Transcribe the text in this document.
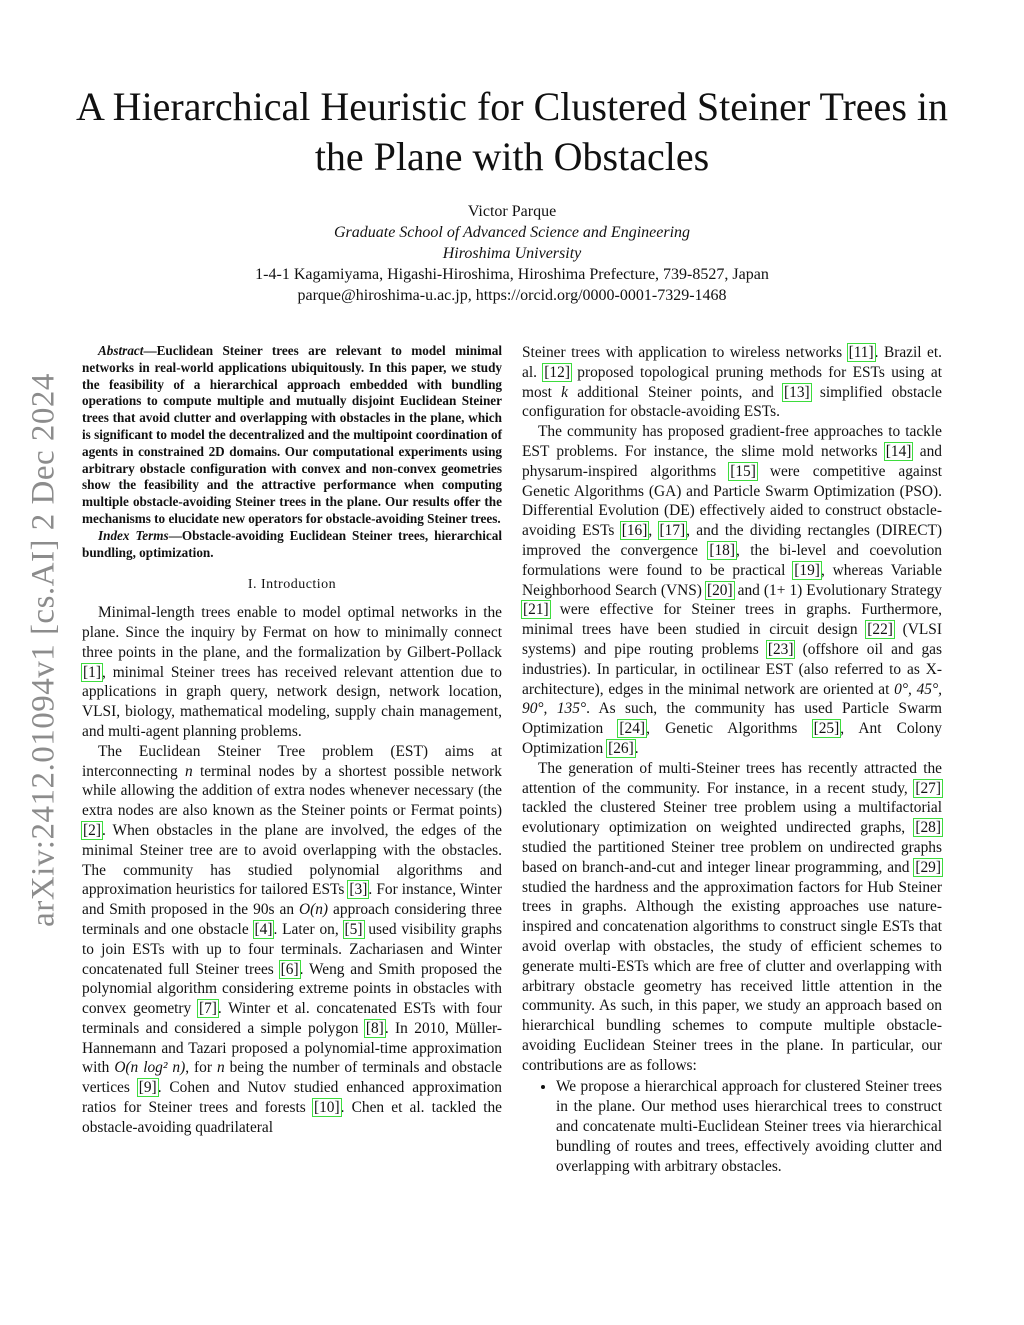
arXiv:2412.01094v1 [cs.AI] 2 Dec 2024
A Hierarchical Heuristic for Clustered Steiner Trees in the Plane with Obstacles
Victor Parque
Graduate School of Advanced Science and Engineering
Hiroshima University
1-4-1 Kagamiyama, Higashi-Hiroshima, Hiroshima Prefecture, 739-8527, Japan
parque@hiroshima-u.ac.jp, https://orcid.org/0000-0001-7329-1468

Abstract—Euclidean Steiner trees are relevant to model minimal networks in real-world applications ubiquitously. In this paper, we study the feasibility of a hierarchical approach embedded with bundling operations to compute multiple and mutually disjoint Euclidean Steiner trees that avoid clutter and overlapping with obstacles in the plane, which is significant to model the decentralized and the multipoint coordination of agents in constrained 2D domains. Our computational experiments using arbitrary obstacle configuration with convex and non-convex geometries show the feasibility and the attractive performance when computing multiple obstacle-avoiding Steiner trees in the plane. Our results offer the mechanisms to elucidate new operators for obstacle-avoiding Steiner trees.

Index Terms—Obstacle-avoiding Euclidean Steiner trees, hierarchical bundling, optimization.

I. Introduction

Minimal-length trees enable to model optimal networks in the plane. Since the inquiry by Fermat on how to minimally connect three points in the plane, and the formalization by Gilbert-Pollack [1], minimal Steiner trees has received relevant attention due to applications in graph query, network design, network location, VLSI, biology, mathematical modeling, supply chain management, and multi-agent planning problems.

The Euclidean Steiner Tree problem (EST) aims at interconnecting n terminal nodes by a shortest possible network while allowing the addition of extra nodes whenever necessary (the extra nodes are also known as the Steiner points or Fermat points) [2]. When obstacles in the plane are involved, the edges of the minimal Steiner tree are to avoid overlapping with the obstacles. The community has studied polynomial algorithms and approximation heuristics for tailored ESTs [3]. For instance, Winter and Smith proposed in the 90s an O(n) approach considering three terminals and one obstacle [4]. Later on, [5] used visibility graphs to join ESTs with up to four terminals. Zachariasen and Winter concatenated full Steiner trees [6]. Weng and Smith proposed the polynomial algorithm considering extreme points in obstacles with convex geometry [7]. Winter et al. concatenated ESTs with four terminals and considered a simple polygon [8]. In 2010, Müller-Hannemann and Tazari proposed a polynomial-time approximation with O(n log² n), for n being the number of terminals and obstacle vertices [9]. Cohen and Nutov studied enhanced approximation ratios for Steiner trees and forests [10]. Chen et al. tackled the obstacle-avoiding quadrilateral

Steiner trees with application to wireless networks [11]. Brazil et. al. [12] proposed topological pruning methods for ESTs using at most k additional Steiner points, and [13] simplified obstacle configuration for obstacle-avoiding ESTs.

The community has proposed gradient-free approaches to tackle EST problems. For instance, the slime mold networks [14] and physarum-inspired algorithms [15] were competitive against Genetic Algorithms (GA) and Particle Swarm Optimization (PSO). Differential Evolution (DE) effectively aided to construct obstacle-avoiding ESTs [16], [17], and the dividing rectangles (DIRECT) improved the convergence [18], the bi-level and coevolution formulations were found to be practical [19], whereas Variable Neighborhood Search (VNS) [20] and (1+ 1) Evolutionary Strategy [21] were effective for Steiner trees in graphs. Furthermore, minimal trees have been studied in circuit design [22] (VLSI systems) and pipe routing problems [23] (offshore oil and gas industries). In particular, in octilinear EST (also referred to as X-architecture), edges in the minimal network are oriented at 0°, 45°, 90°, 135°. As such, the community has used Particle Swarm Optimization [24], Genetic Algorithms [25], Ant Colony Optimization [26].

The generation of multi-Steiner trees has recently attracted the attention of the community. For instance, in a recent study, [27] tackled the clustered Steiner tree problem using a multifactorial evolutionary optimization on weighted undirected graphs, [28] studied the partitioned Steiner tree problem on undirected graphs based on branch-and-cut and integer linear programming, and [29] studied the hardness and the approximation factors for Hub Steiner trees in graphs. Although the existing approaches use nature-inspired and concatenation algorithms to construct single ESTs that avoid overlap with obstacles, the study of efficient schemes to generate multi-ESTs which are free of clutter and overlapping with arbitrary obstacle geometry has received little attention in the community. As such, in this paper, we study an approach based on hierarchical bundling schemes to compute multiple obstacle-avoiding Euclidean Steiner trees in the plane. In particular, our contributions are as follows:

• We propose a hierarchical approach for clustered Steiner trees in the plane. Our method uses hierarchical trees to construct and concatenate multi-Euclidean Steiner trees via hierarchical bundling of routes and trees, effectively avoiding clutter and overlapping with arbitrary obstacles.
